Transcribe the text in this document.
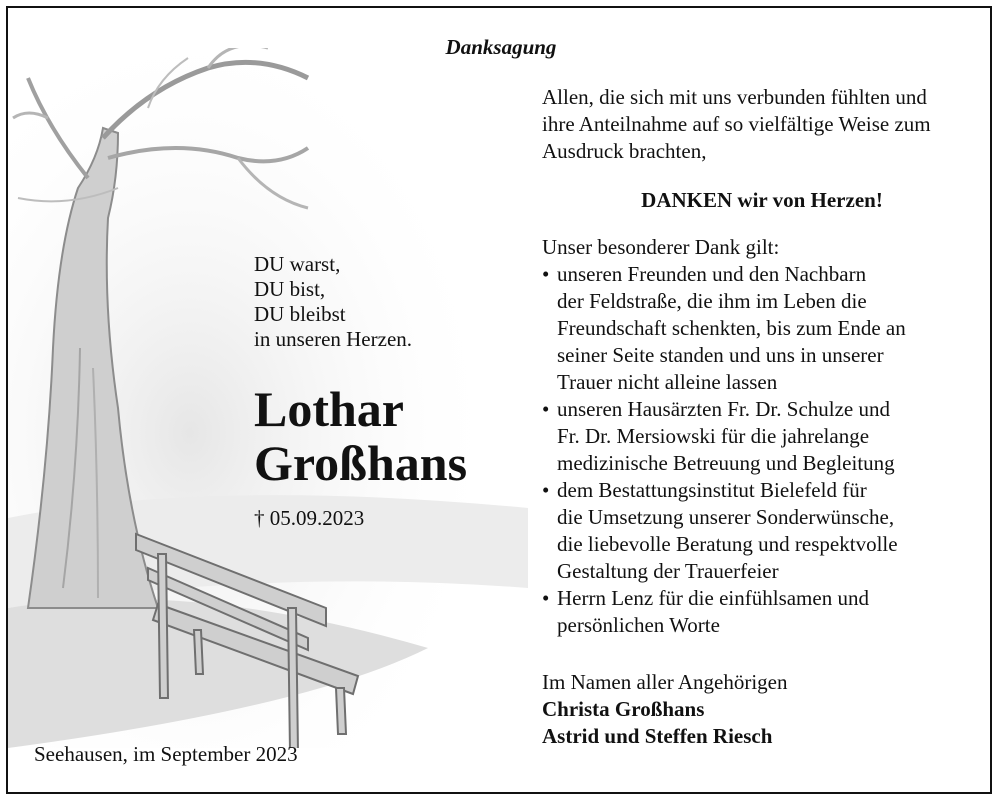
Danksagung
DU warst,
DU bist,
DU bleibst
in unseren Herzen.
Lothar
Großhans
† 05.09.2023
Seehausen, im September 2023
Allen, die sich mit uns verbunden fühlten und
ihre Anteilnahme auf so vielfältige Weise zum
Ausdruck brachten,
DANKEN wir von Herzen!
Unser besonderer Dank gilt:
• unseren Freunden und den Nachbarn
der Feldstraße, die ihm im Leben die
Freundschaft schenkten, bis zum Ende an
seiner Seite standen und uns in unserer
Trauer nicht alleine lassen
• unseren Hausärzten Fr. Dr. Schulze und
Fr. Dr. Mersiowski für die jahrelange
medizinische Betreuung und Begleitung
• dem Bestattungsinstitut Bielefeld für
die Umsetzung unserer Sonderwünsche,
die liebevolle Beratung und respektvolle
Gestaltung der Trauerfeier
• Herrn Lenz für die einfühlsamen und
persönlichen Worte
Im Namen aller Angehörigen
Christa Großhans
Astrid und Steffen Riesch
